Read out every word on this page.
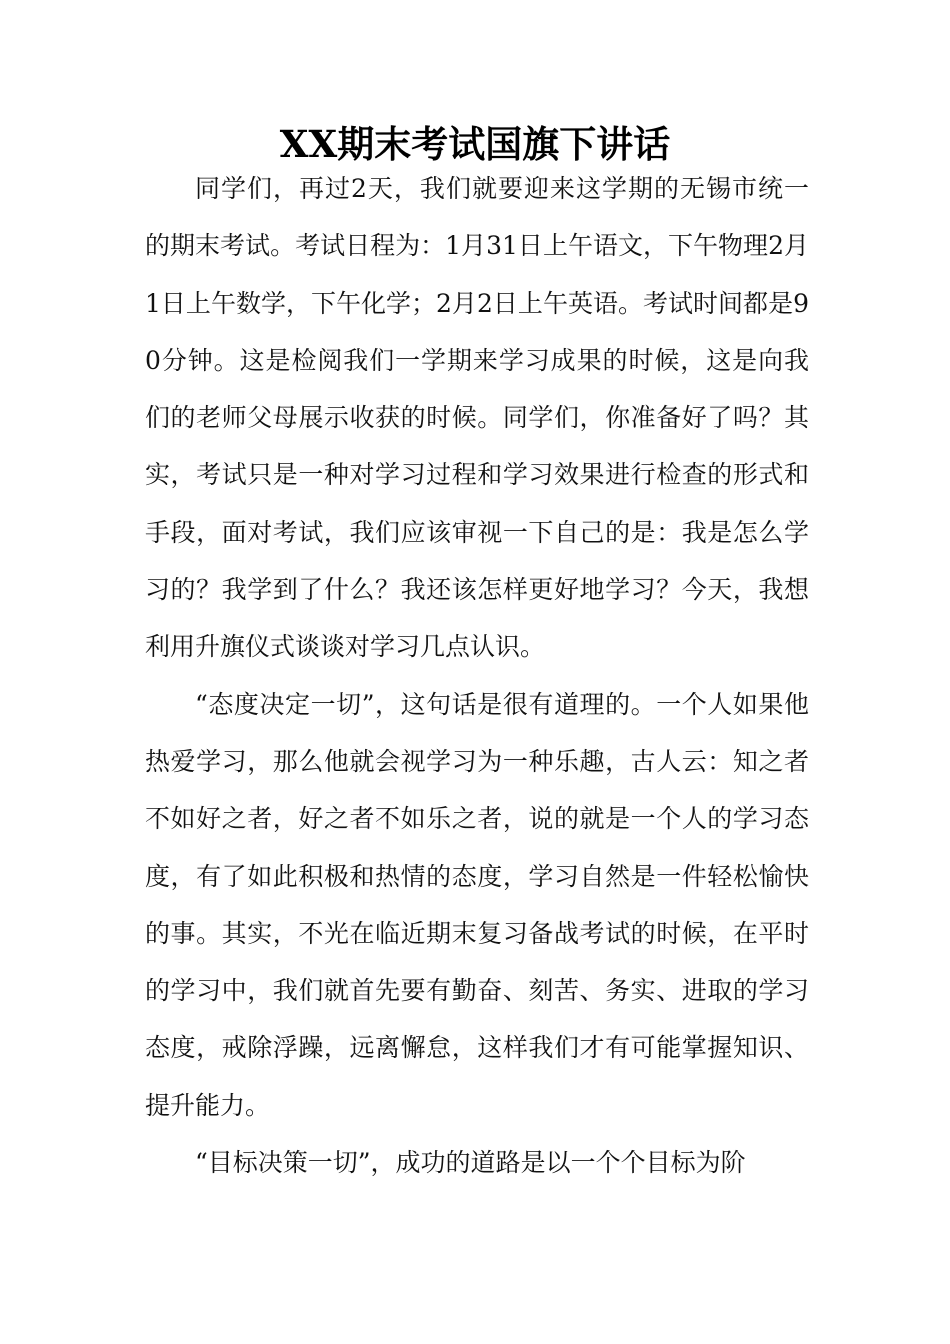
XX期末考试国旗下讲话

同学们，再过2天，我们就要迎来这学期的无锡市统一的期末考试。考试日程为：1月31日上午语文，下午物理2月1日上午数学，下午化学；2月2日上午英语。考试时间都是90分钟。这是检阅我们一学期来学习成果的时候，这是向我们的老师父母展示收获的时候。同学们，你准备好了吗？其实，考试只是一种对学习过程和学习效果进行检查的形式和手段，面对考试，我们应该审视一下自己的是：我是怎么学习的？我学到了什么？我还该怎样更好地学习？今天，我想利用升旗仪式谈谈对学习几点认识。

“态度决定一切”，这句话是很有道理的。一个人如果他热爱学习，那么他就会视学习为一种乐趣，古人云：知之者不如好之者，好之者不如乐之者，说的就是一个人的学习态度，有了如此积极和热情的态度，学习自然是一件轻松愉快的事。其实，不光在临近期末复习备战考试的时候，在平时的学习中，我们就首先要有勤奋、刻苦、务实、进取的学习态度，戒除浮躁，远离懈怠，这样我们才有可能掌握知识、提升能力。

“目标决策一切”，成功的道路是以一个个目标为阶
